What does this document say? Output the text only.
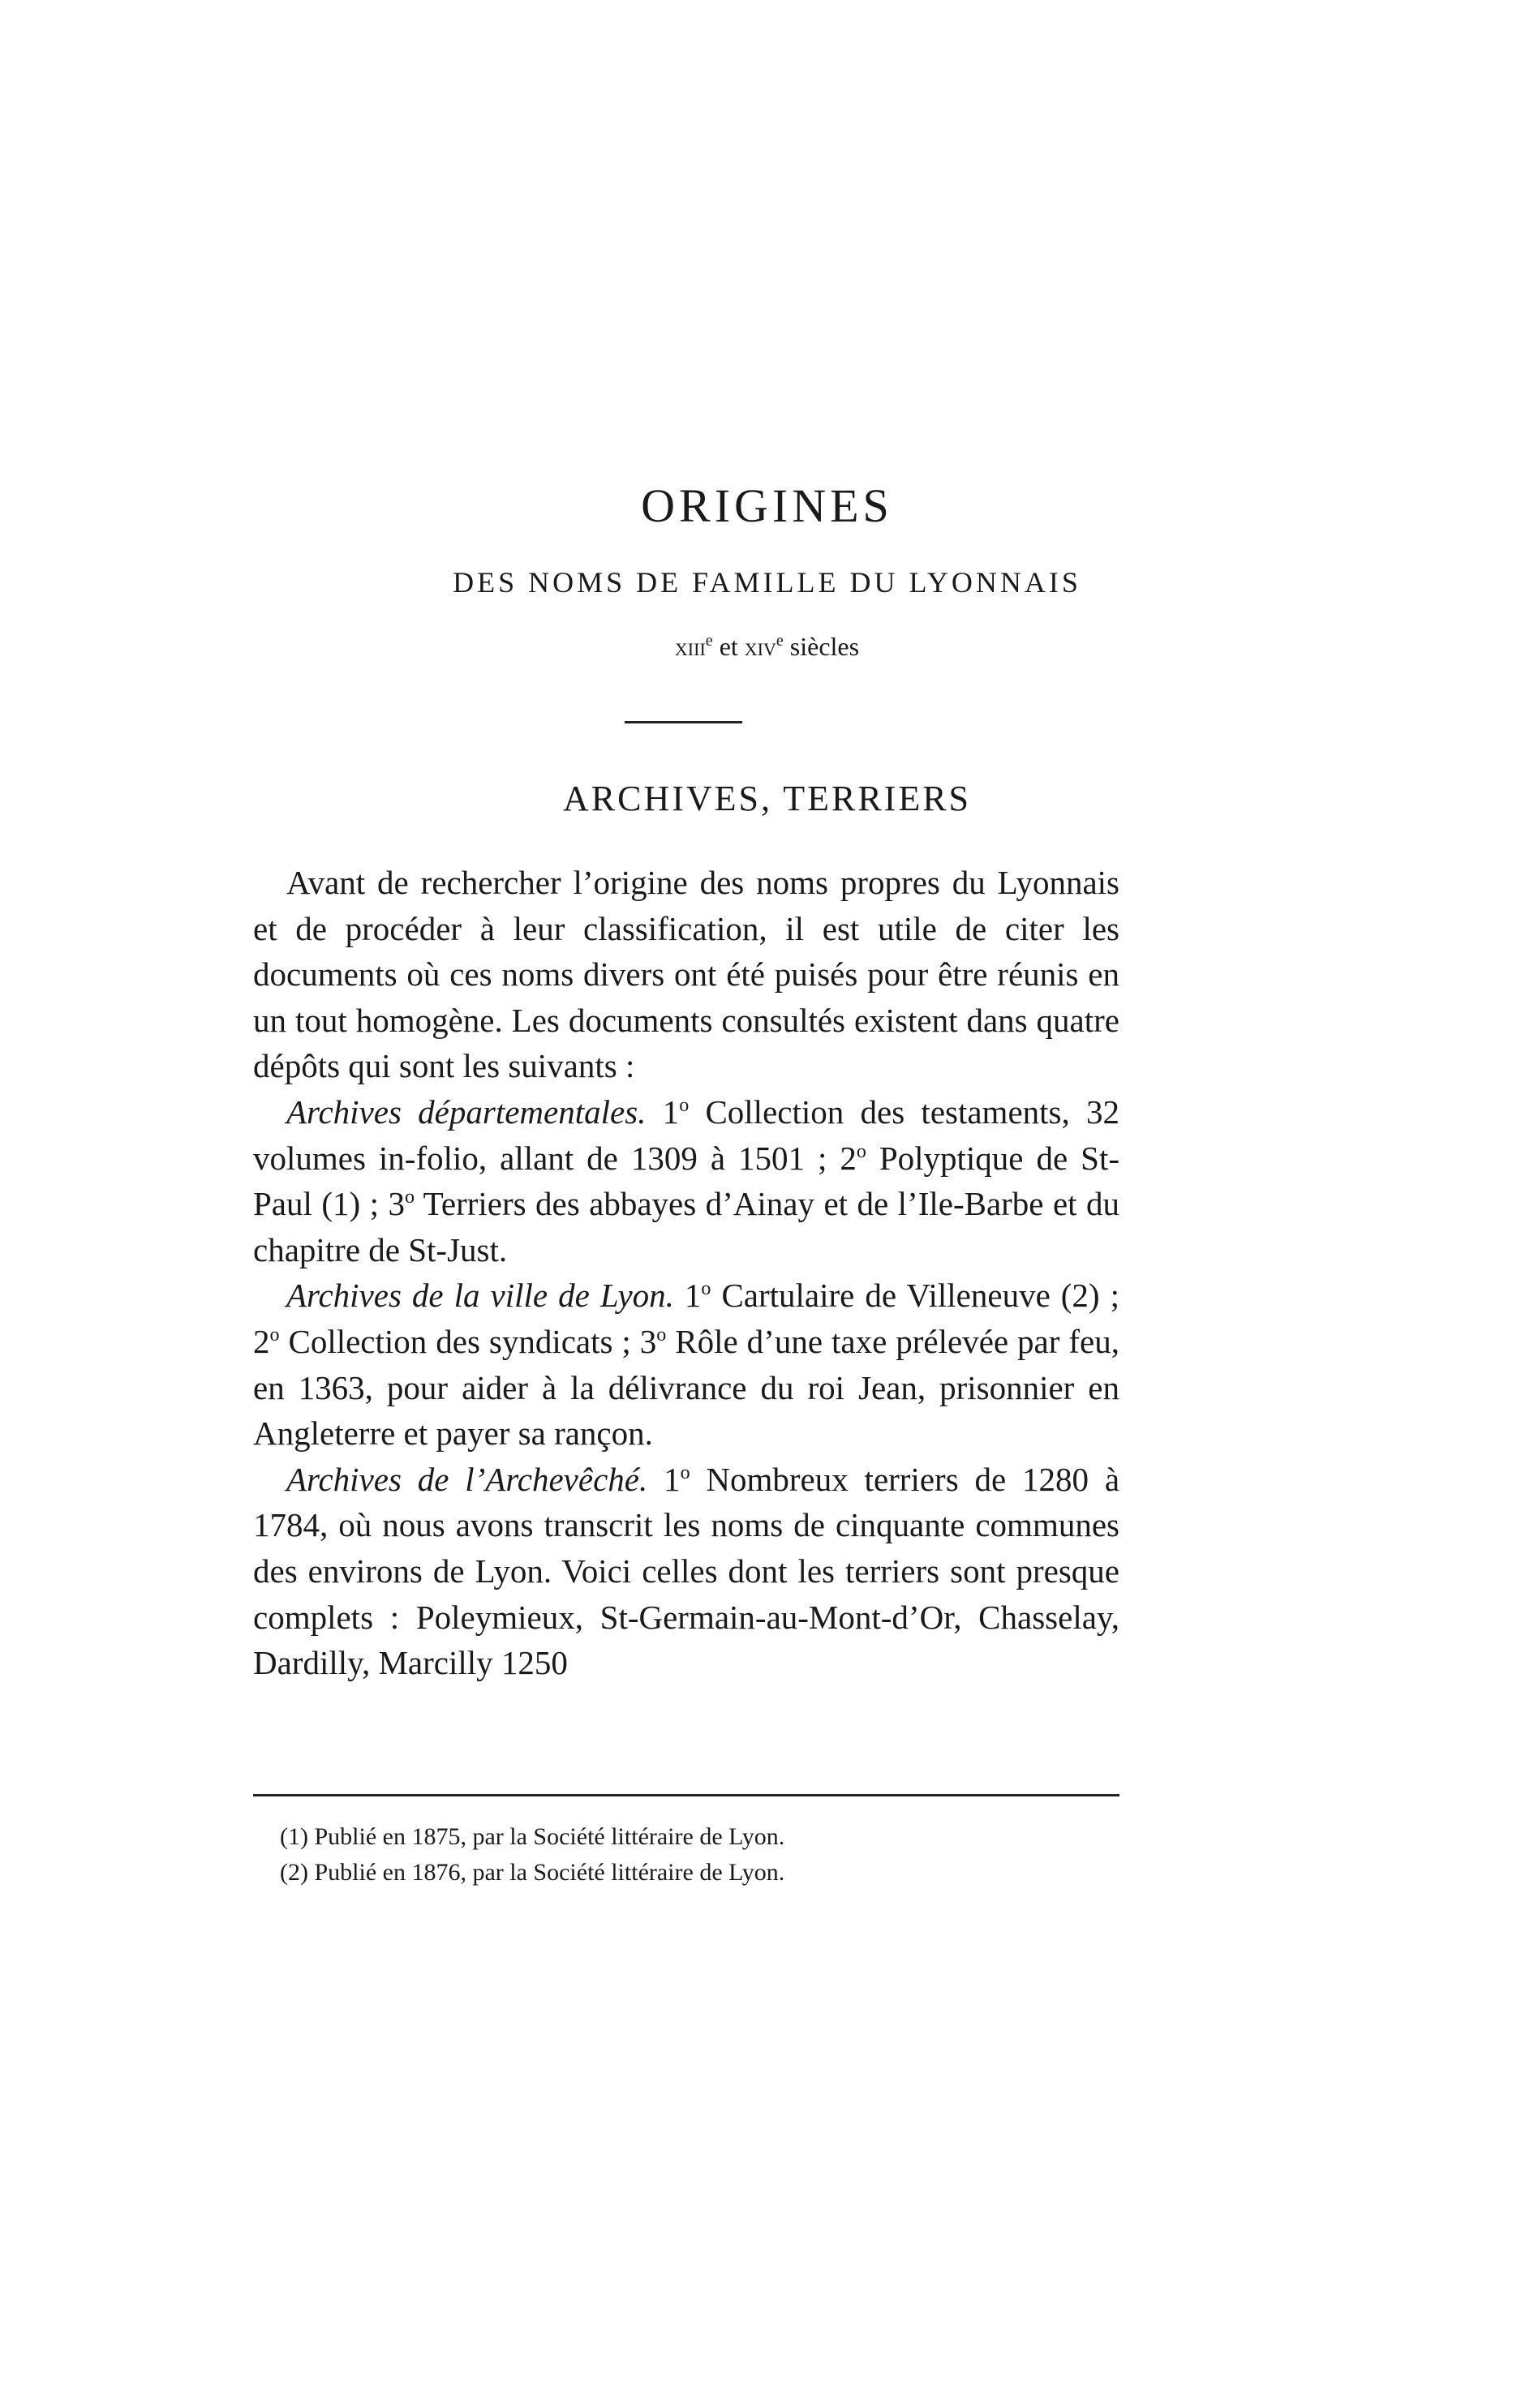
ORIGINES
DES NOMS DE FAMILLE DU LYONNAIS
xiii$^e$ et xiv$^e$ siècles
ARCHIVES, TERRIERS

Avant de rechercher l’origine des noms propres du Lyonnais et de procéder à leur classification, il est utile de citer les documents où ces noms divers ont été puisés pour être réunis en un tout homogène. Les documents consultés existent dans quatre dépôts qui sont les suivants :

Archives départementales. 1$^o$ Collection des testaments, 32 volumes in-folio, allant de 1309 à 1501 ; 2$^o$ Polyptique de St-Paul (1) ; 3$^o$ Terriers des abbayes d’Ainay et de l’Ile-Barbe et du chapitre de St-Just.

Archives de la ville de Lyon. 1$^o$ Cartulaire de Villeneuve (2) ; 2$^o$ Collection des syndicats ; 3$^o$ Rôle d’une taxe prélevée par feu, en 1363, pour aider à la délivrance du roi Jean, prisonnier en Angleterre et payer sa rançon.

Archives de l’Archevêché. 1$^o$ Nombreux terriers de 1280 à 1784, où nous avons transcrit les noms de cinquante communes des environs de Lyon. Voici celles dont les terriers sont presque complets : Poleymieux, St-Germain-au-Mont-d’Or, Chasselay, Dardilly, Marcilly 1250

(1) Publié en 1875, par la Société littéraire de Lyon.

(2) Publié en 1876, par la Société littéraire de Lyon.
